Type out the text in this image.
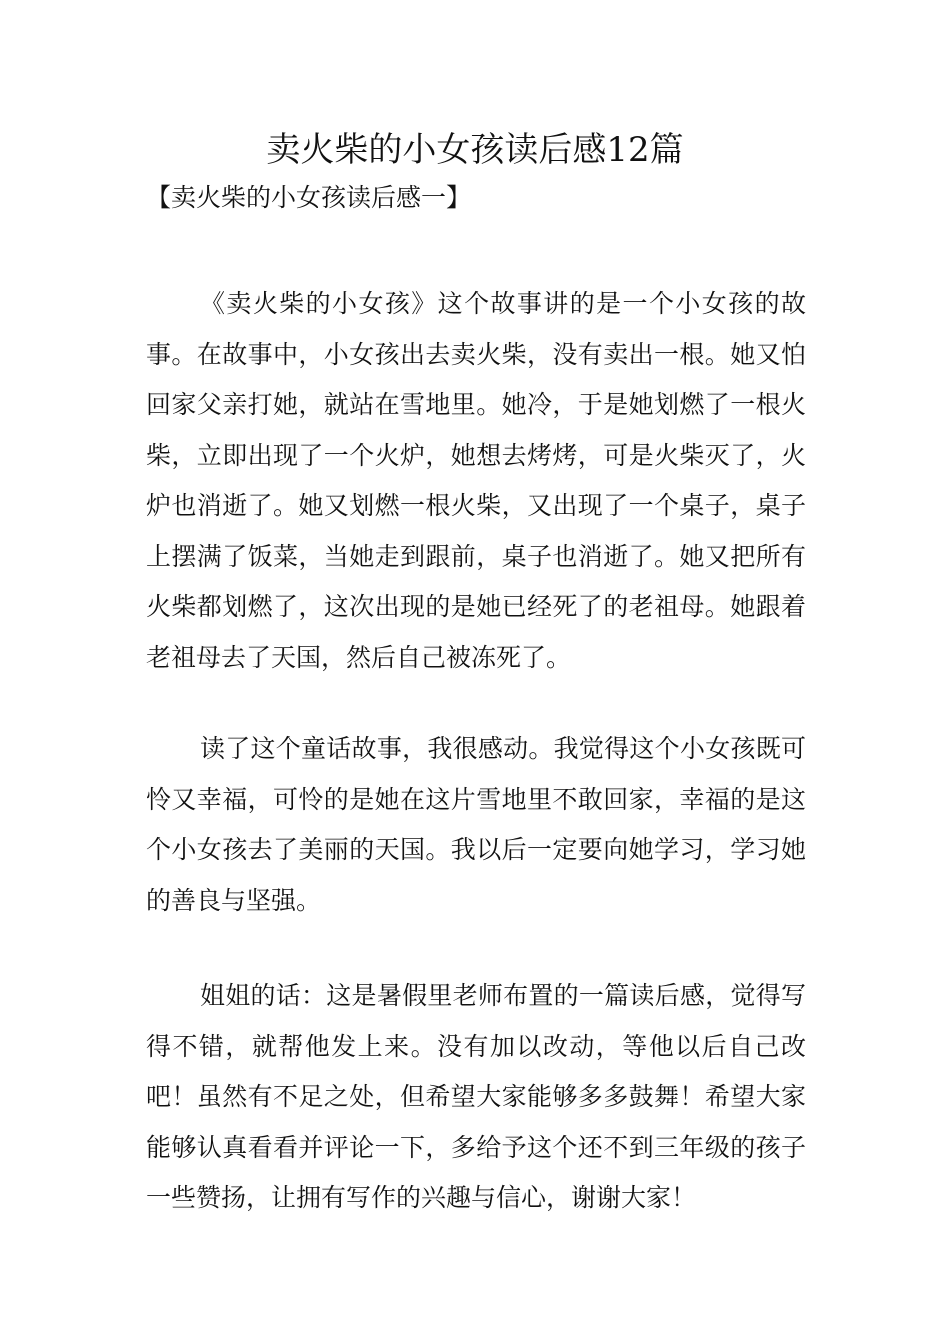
卖火柴的小女孩读后感12篇

【卖火柴的小女孩读后感一】

《卖火柴的小女孩》这个故事讲的是一个小女孩的故事。在故事中，小女孩出去卖火柴，没有卖出一根。她又怕回家父亲打她，就站在雪地里。她冷，于是她划燃了一根火柴，立即出现了一个火炉，她想去烤烤，可是火柴灭了，火炉也消逝了。她又划燃一根火柴，又出现了一个桌子，桌子上摆满了饭菜，当她走到跟前，桌子也消逝了。她又把所有火柴都划燃了，这次出现的是她已经死了的老祖母。她跟着老祖母去了天国，然后自己被冻死了。

读了这个童话故事，我很感动。我觉得这个小女孩既可怜又幸福，可怜的是她在这片雪地里不敢回家，幸福的是这个小女孩去了美丽的天国。我以后一定要向她学习，学习她的善良与坚强。

姐姐的话：这是暑假里老师布置的一篇读后感，觉得写得不错，就帮他发上来。没有加以改动，等他以后自己改吧！虽然有不足之处，但希望大家能够多多鼓舞！希望大家能够认真看看并评论一下，多给予这个还不到三年级的孩子一些赞扬，让拥有写作的兴趣与信心，谢谢大家！
